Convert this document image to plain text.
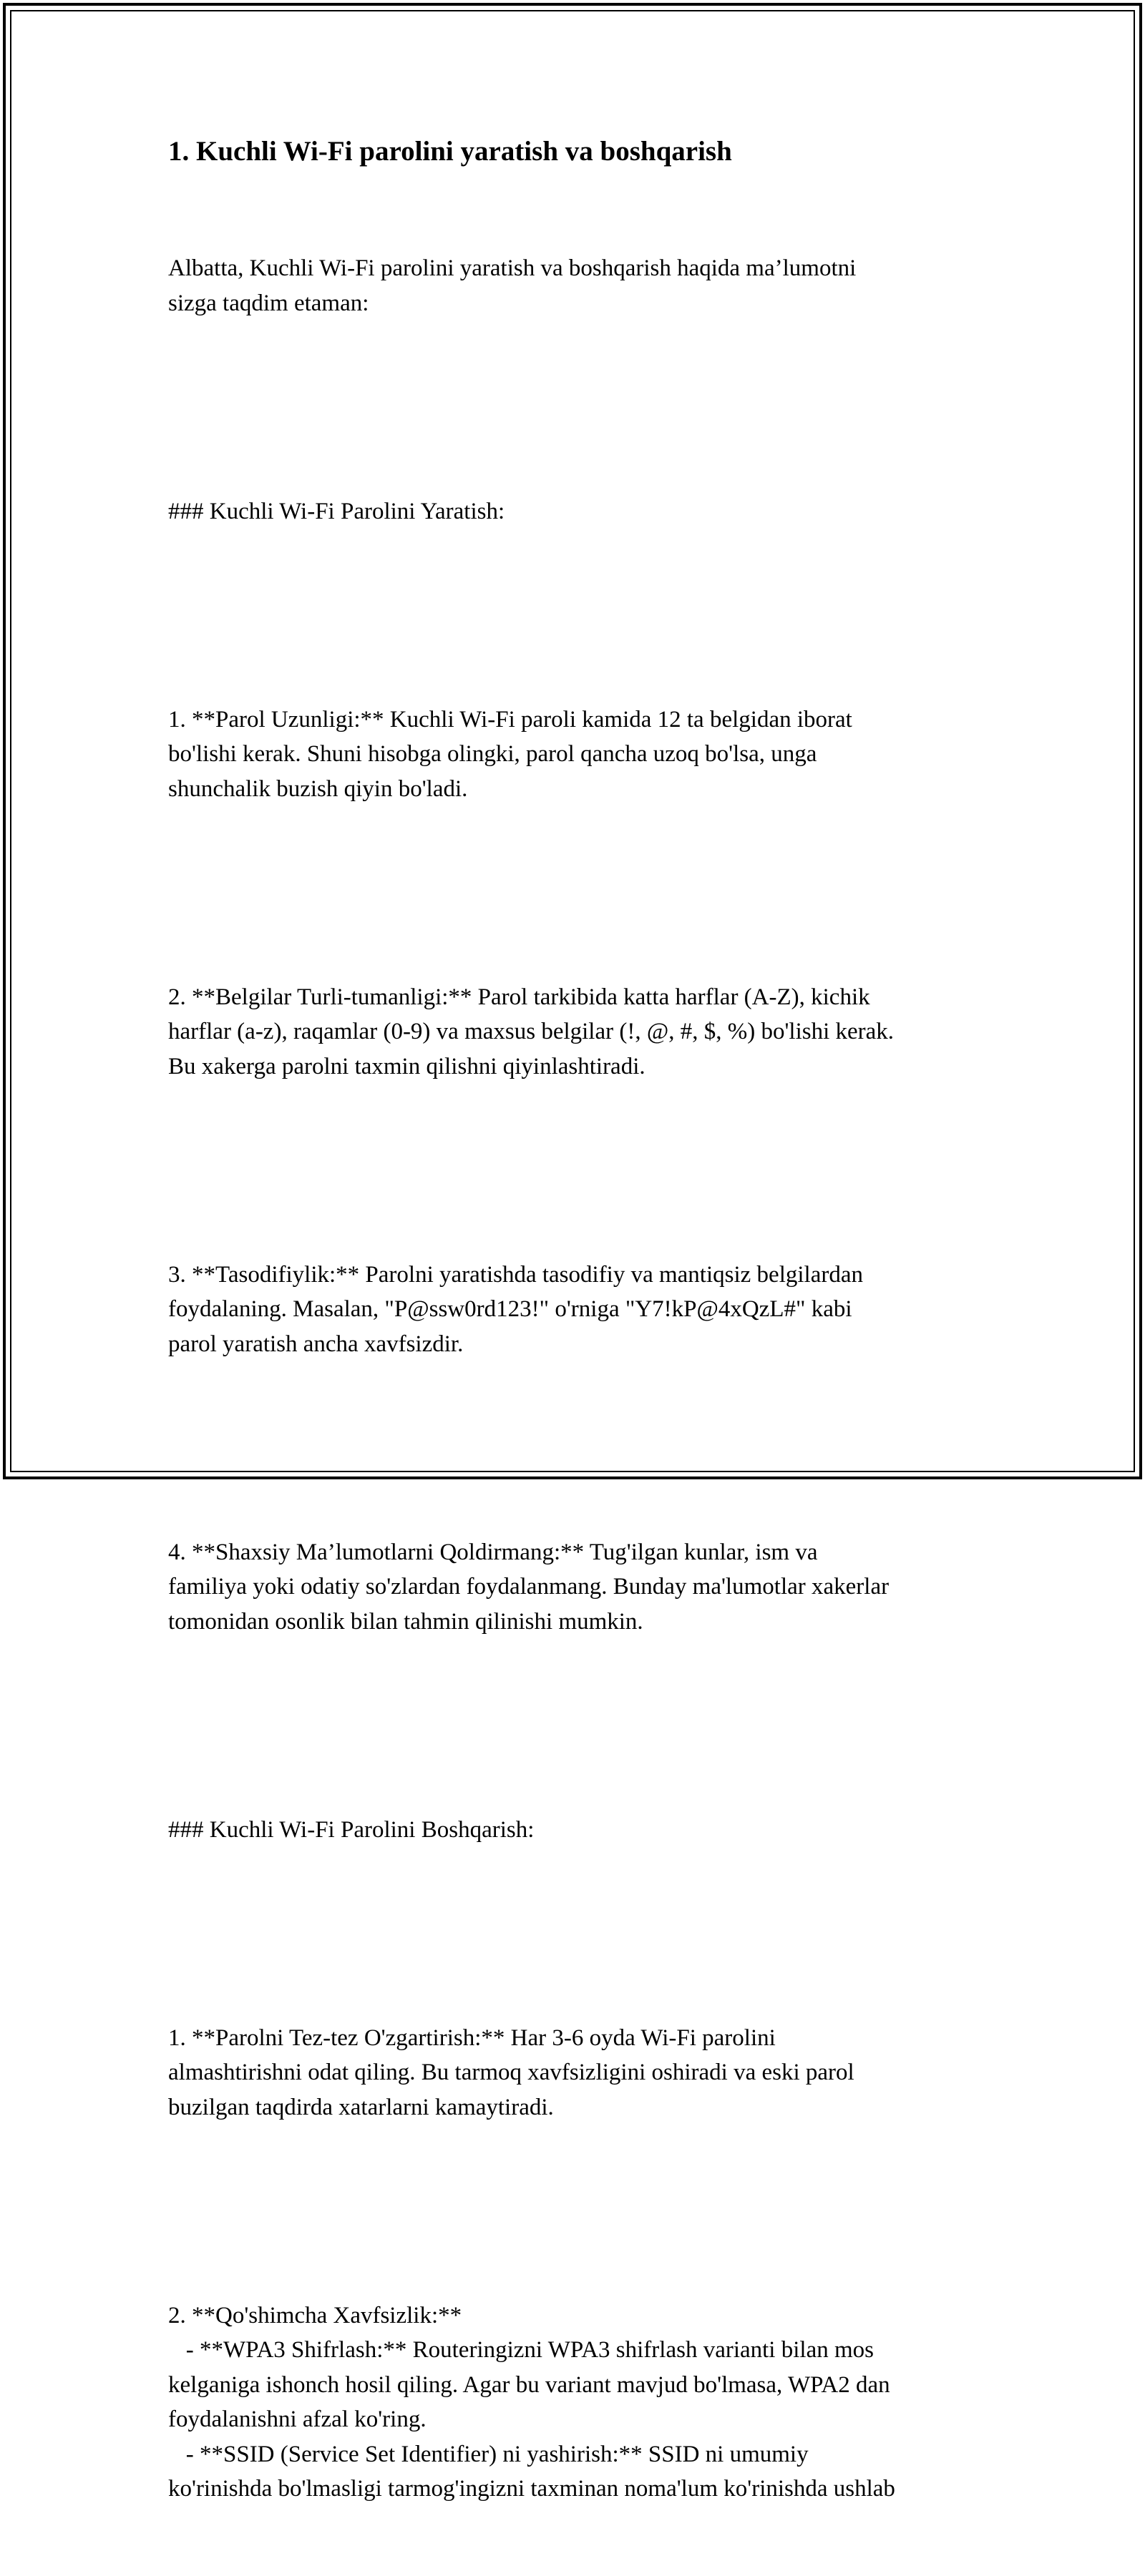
1. Kuchli Wi-Fi parolini yaratish va boshqarish

Albatta, Kuchli Wi-Fi parolini yaratish va boshqarish haqida ma’lumotni
sizga taqdim etaman:

### Kuchli Wi-Fi Parolini Yaratish:

1. **Parol Uzunligi:** Kuchli Wi-Fi paroli kamida 12 ta belgidan iborat
bo'lishi kerak. Shuni hisobga olingki, parol qancha uzoq bo'lsa, unga
shunchalik buzish qiyin bo'ladi.

2. **Belgilar Turli-tumanligi:** Parol tarkibida katta harflar (A-Z), kichik
harflar (a-z), raqamlar (0-9) va maxsus belgilar (!, @, #, $, %) bo'lishi kerak.
Bu xakerga parolni taxmin qilishni qiyinlashtiradi.

3. **Tasodifiylik:** Parolni yaratishda tasodifiy va mantiqsiz belgilardan
foydalaning. Masalan, "P@ssw0rd123!" o'rniga "Y7!kP@4xQzL#" kabi
parol yaratish ancha xavfsizdir.

4. **Shaxsiy Ma’lumotlarni Qoldirmang:** Tug'ilgan kunlar, ism va
familiya yoki odatiy so'zlardan foydalanmang. Bunday ma'lumotlar xakerlar
tomonidan osonlik bilan tahmin qilinishi mumkin.

### Kuchli Wi-Fi Parolini Boshqarish:

1. **Parolni Tez-tez O'zgartirish:** Har 3-6 oyda Wi-Fi parolini
almashtirishni odat qiling. Bu tarmoq xavfsizligini oshiradi va eski parol
buzilgan taqdirda xatarlarni kamaytiradi.

2. **Qo'shimcha Xavfsizlik:**
- **WPA3 Shifrlash:** Routeringizni WPA3 shifrlash varianti bilan mos
kelganiga ishonch hosil qiling. Agar bu variant mavjud bo'lmasa, WPA2 dan
foydalanishni afzal ko'ring.
- **SSID (Service Set Identifier) ni yashirish:** SSID ni umumiy
ko'rinishda bo'lmasligi tarmog'ingizni taxminan noma'lum ko'rinishda ushlab
